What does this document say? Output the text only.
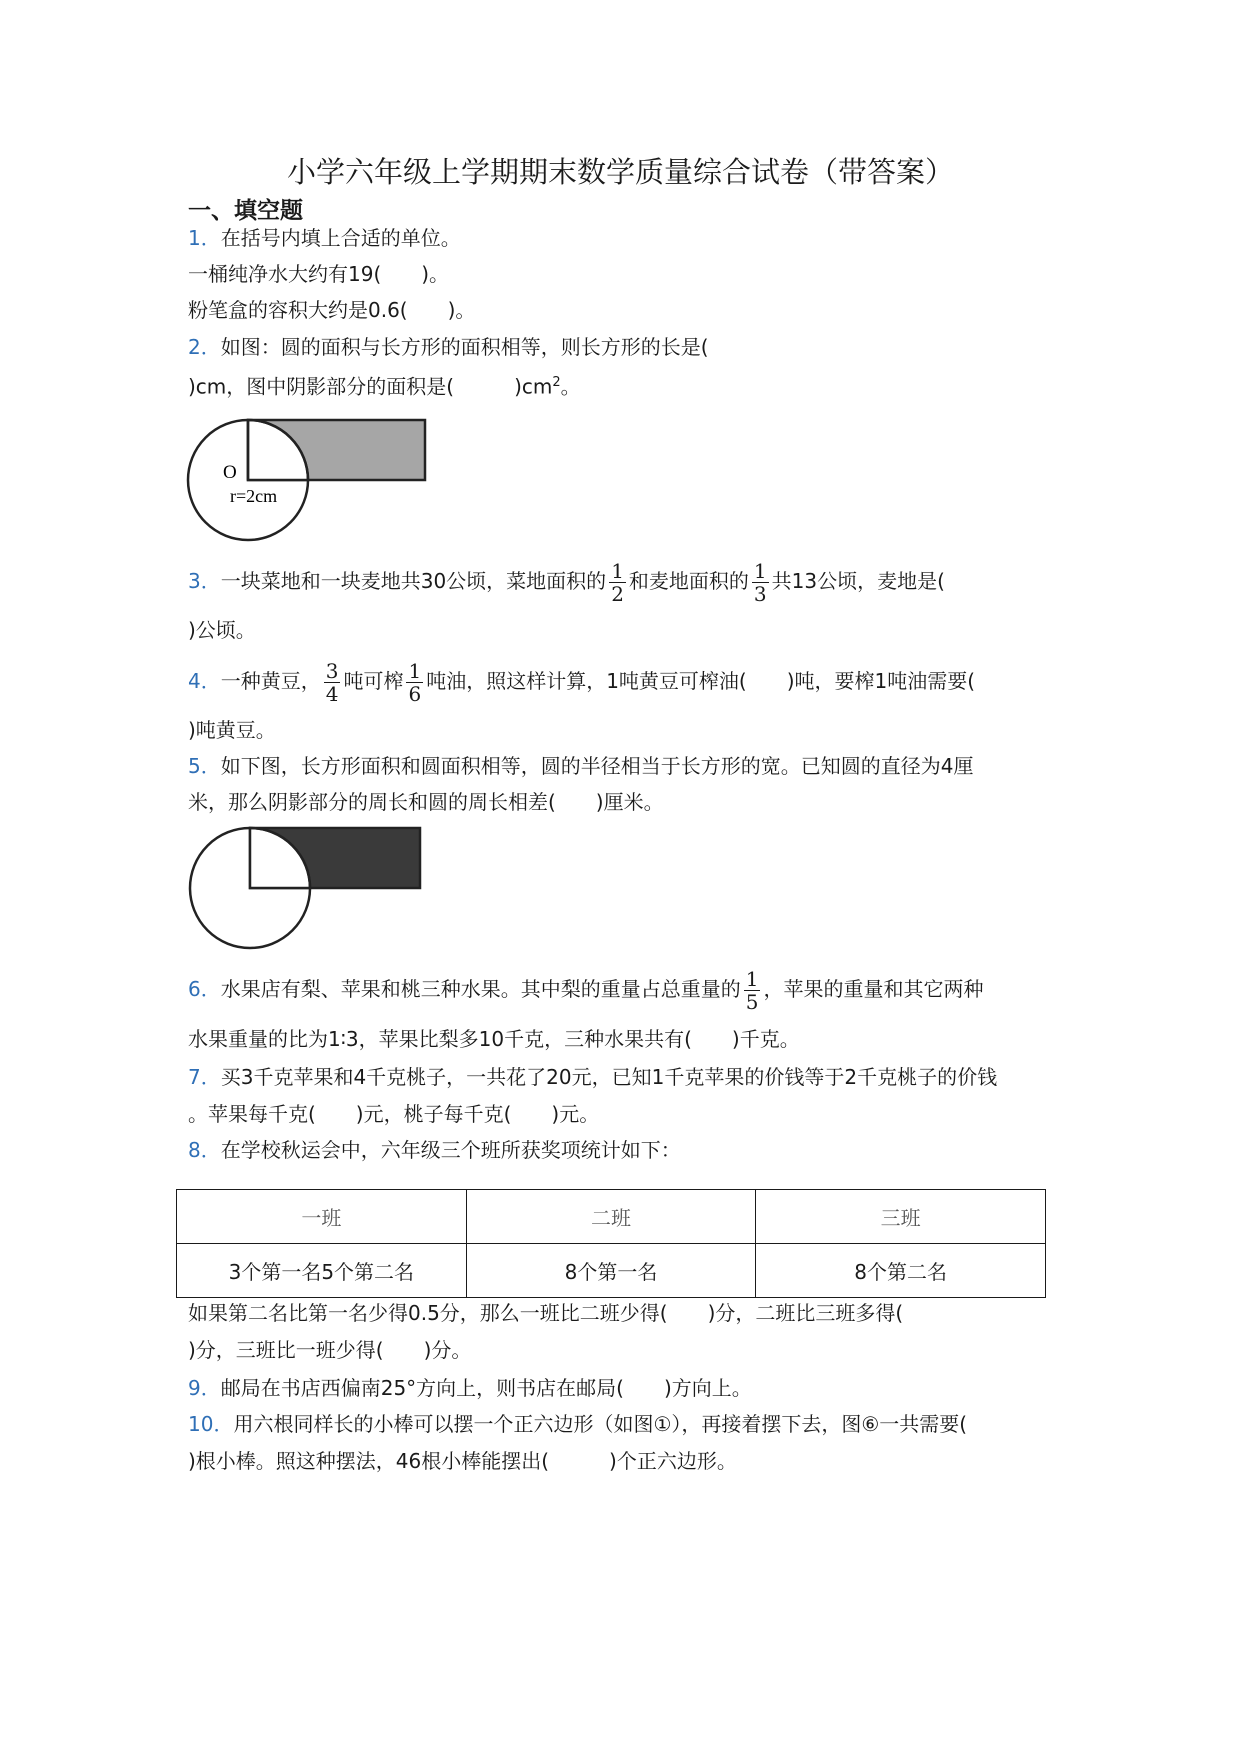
小学六年级上学期期末数学质量综合试卷（带答案）
一、填空题
1．在括号内填上合适的单位。
一桶纯净水大约有19(　　)。
粉笔盒的容积大约是0.6(　　)。
2．如图：圆的面积与长方形的面积相等，则长方形的长是(
)cm，图中阴影部分的面积是(　　　)$cm^2$。
O
r=2cm
3．一块菜地和一块麦地共30公顷，菜地面积的 $\frac{1}{2}$ 和麦地面积的 $\frac{1}{3}$ 共13公顷，麦地是(
)公顷。
4．一种黄豆， $\frac{3}{4}$ 吨可榨 $\frac{1}{6}$ 吨油，照这样计算，1吨黄豆可榨油(　　)吨，要榨1吨油需要(
)吨黄豆。
5．如下图，长方形面积和圆面积相等，圆的半径相当于长方形的宽。已知圆的直径为4厘
米，那么阴影部分的周长和圆的周长相差(　　)厘米。
6．水果店有梨、苹果和桃三种水果。其中梨的重量占总重量的 $\frac{1}{5}$ ，苹果的重量和其它两种
水果重量的比为1∶3，苹果比梨多10千克，三种水果共有(　　)千克。
7．买3千克苹果和4千克桃子，一共花了20元，已知1千克苹果的价钱等于2千克桃子的价钱
。苹果每千克(　　)元，桃子每千克(　　)元。
8．在学校秋运会中，六年级三个班所获奖项统计如下：
一班	二班	三班
3个第一名5个第二名	8个第一名	8个第二名
如果第二名比第一名少得0.5分，那么一班比二班少得(　　)分，二班比三班多得(
)分，三班比一班少得(　　)分。
9．邮局在书店西偏南25°方向上，则书店在邮局(　　)方向上。
10．用六根同样长的小棒可以摆一个正六边形（如图①），再接着摆下去，图⑥一共需要(
)根小棒。照这种摆法，46根小棒能摆出(　　　)个正六边形。
